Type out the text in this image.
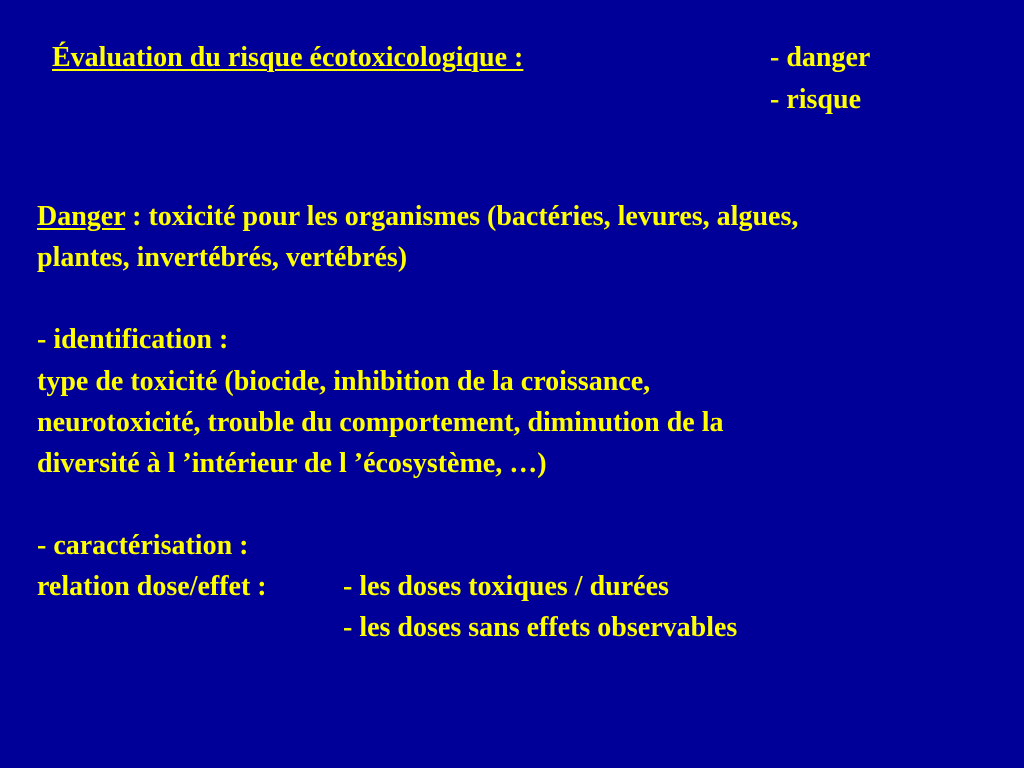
Évaluation du risque écotoxicologique :	- danger
- risque
Danger : toxicité pour les organismes (bactéries, levures, algues,
plantes, invertébrés, vertébrés)
- identification :
type de toxicité (biocide, inhibition de la croissance,
neurotoxicité, trouble du comportement, diminution de la
diversité à l ’intérieur de l ’écosystème, …)
- caractérisation :
relation dose/effet :	- les doses toxiques / durées
- les doses sans effets observables
